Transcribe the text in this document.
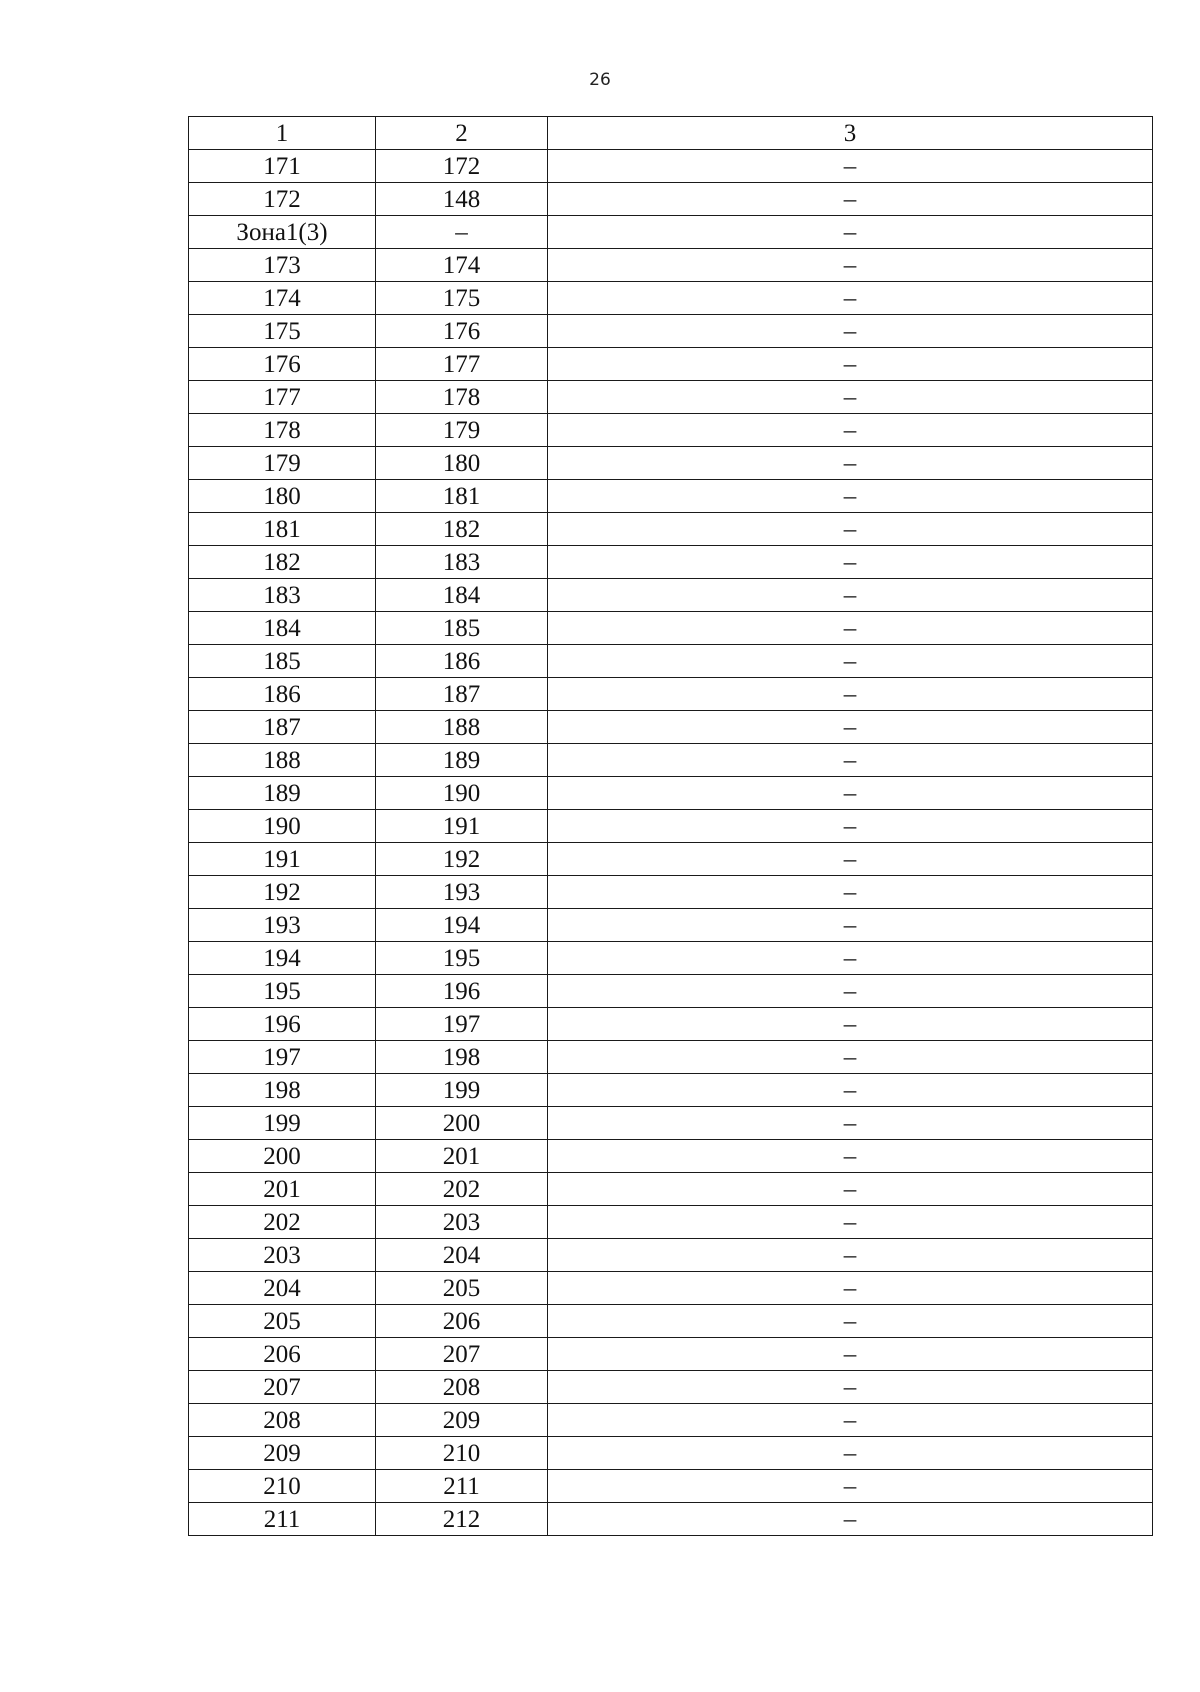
26
1	2	3
171	172	–
172	148	–
Зона1(3)	–	–
173	174	–
174	175	–
175	176	–
176	177	–
177	178	–
178	179	–
179	180	–
180	181	–
181	182	–
182	183	–
183	184	–
184	185	–
185	186	–
186	187	–
187	188	–
188	189	–
189	190	–
190	191	–
191	192	–
192	193	–
193	194	–
194	195	–
195	196	–
196	197	–
197	198	–
198	199	–
199	200	–
200	201	–
201	202	–
202	203	–
203	204	–
204	205	–
205	206	–
206	207	–
207	208	–
208	209	–
209	210	–
210	211	–
211	212	–
